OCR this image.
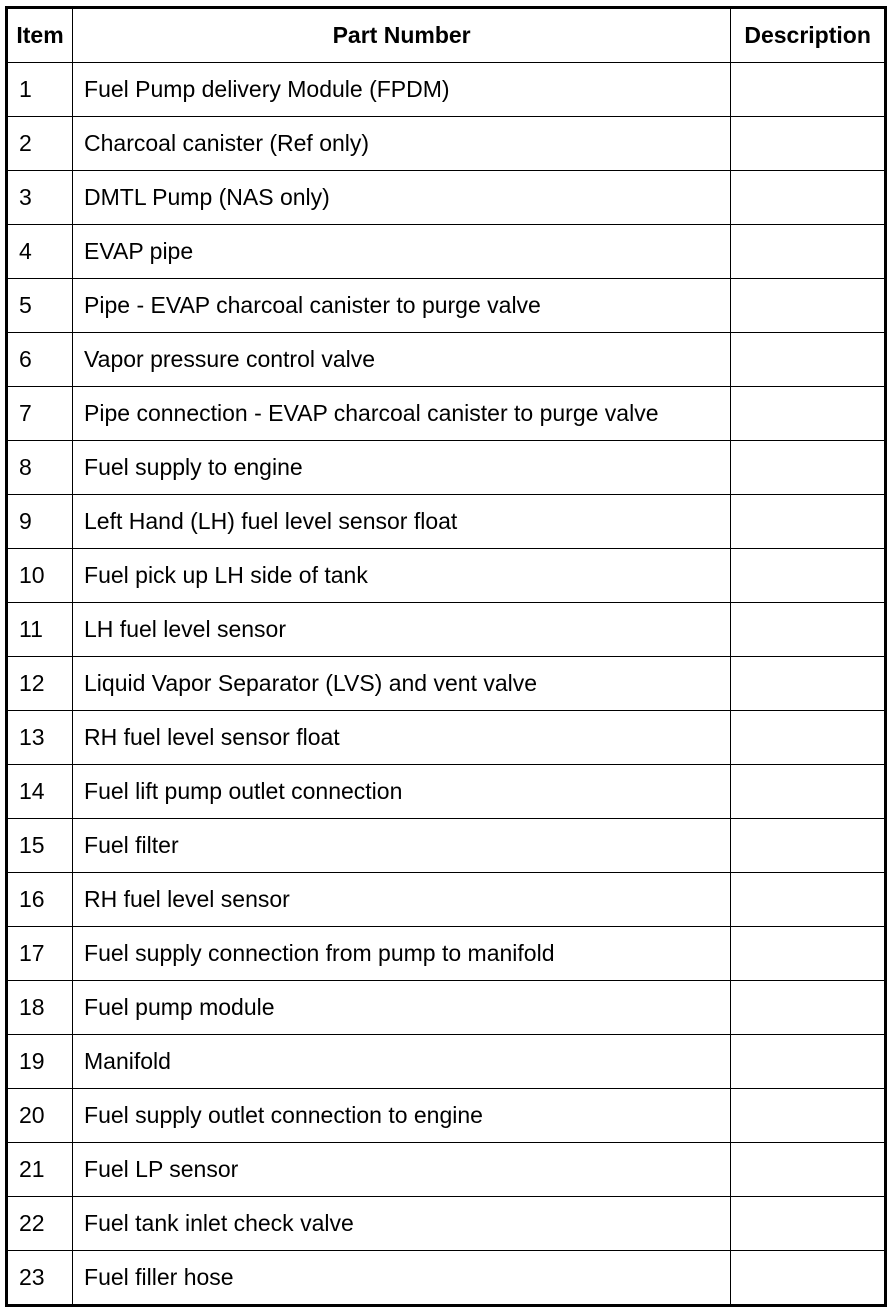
Item	Part Number	Description
1	Fuel Pump delivery Module (FPDM)	
2	Charcoal canister (Ref only)	
3	DMTL Pump (NAS only)	
4	EVAP pipe	
5	Pipe - EVAP charcoal canister to purge valve	
6	Vapor pressure control valve	
7	Pipe connection - EVAP charcoal canister to purge valve	
8	Fuel supply to engine	
9	Left Hand (LH) fuel level sensor float	
10	Fuel pick up LH side of tank	
11	LH fuel level sensor	
12	Liquid Vapor Separator (LVS) and vent valve	
13	RH fuel level sensor float	
14	Fuel lift pump outlet connection	
15	Fuel filter	
16	RH fuel level sensor	
17	Fuel supply connection from pump to manifold	
18	Fuel pump module	
19	Manifold	
20	Fuel supply outlet connection to engine	
21	Fuel LP sensor	
22	Fuel tank inlet check valve	
23	Fuel filler hose	
